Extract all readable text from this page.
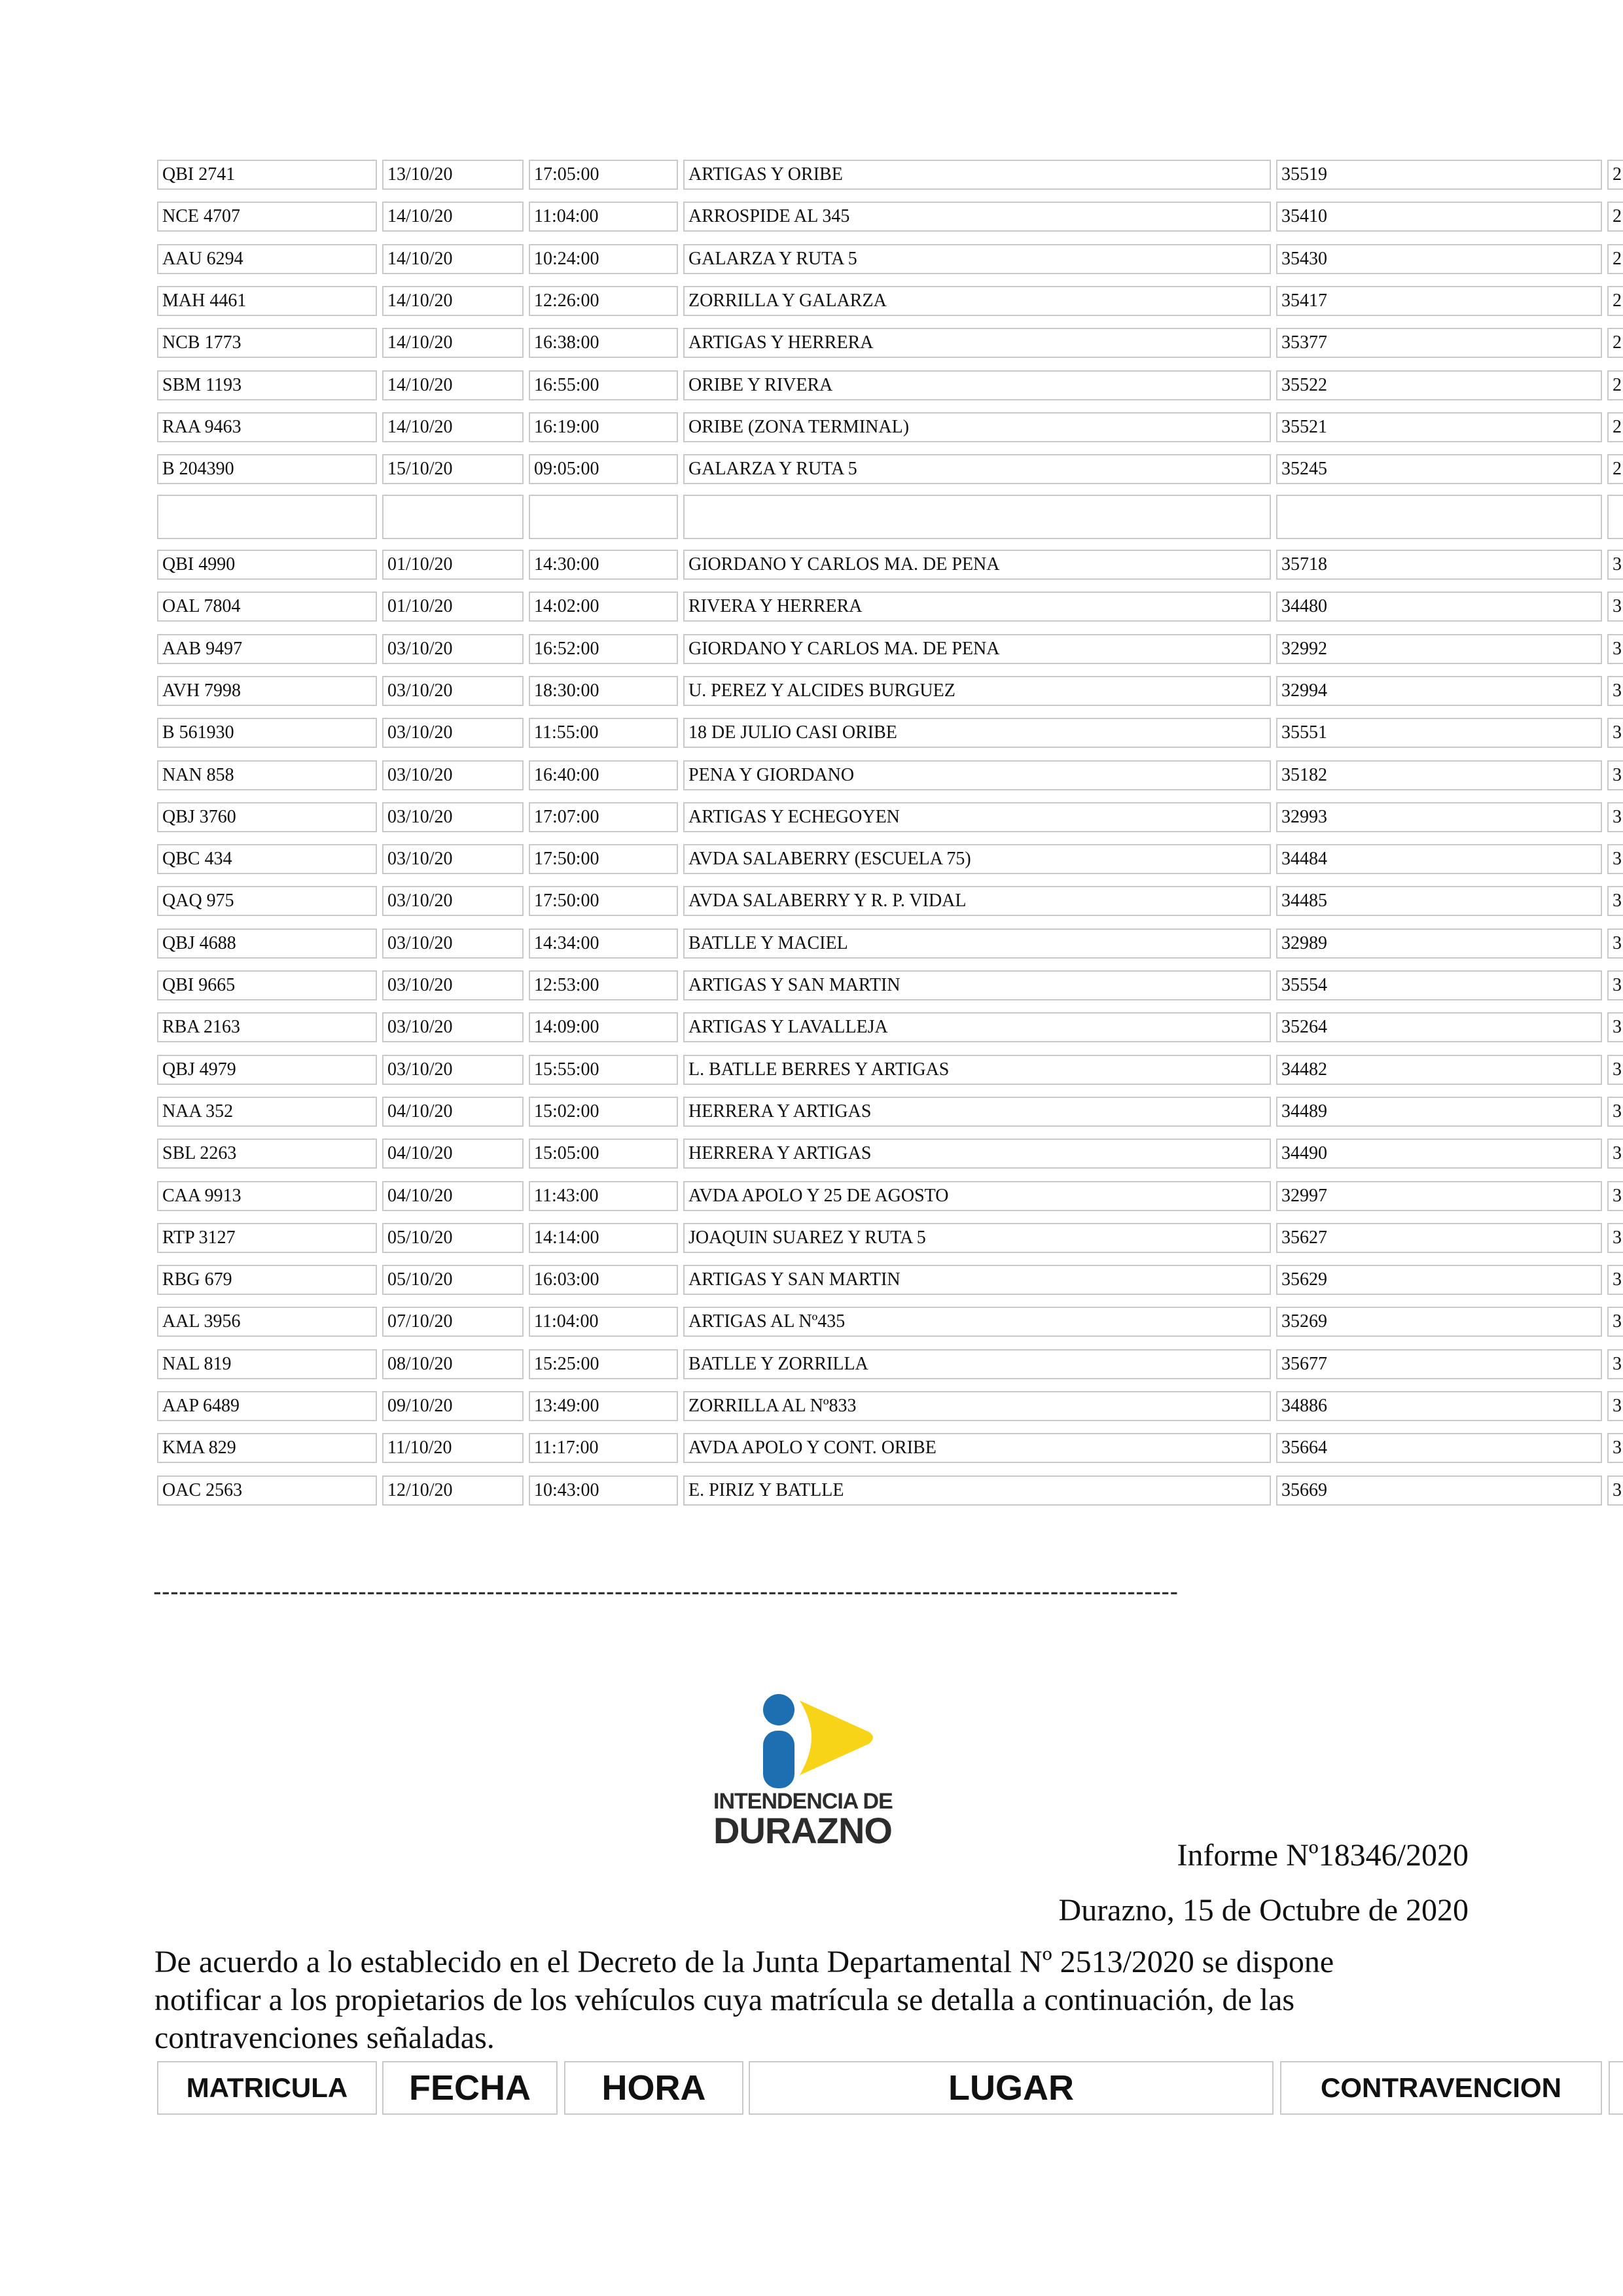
QBI 2741	13/10/20	17:05:00	ARTIGAS Y ORIBE	35519	2
NCE 4707	14/10/20	11:04:00	ARROSPIDE AL 345	35410	2
AAU 6294	14/10/20	10:24:00	GALARZA Y RUTA 5	35430	2
MAH 4461	14/10/20	12:26:00	ZORRILLA Y GALARZA	35417	2
NCB 1773	14/10/20	16:38:00	ARTIGAS Y HERRERA	35377	2
SBM 1193	14/10/20	16:55:00	ORIBE Y RIVERA	35522	2
RAA 9463	14/10/20	16:19:00	ORIBE (ZONA TERMINAL)	35521	2
B 204390	15/10/20	09:05:00	GALARZA Y RUTA 5	35245	2
QBI 4990	01/10/20	14:30:00	GIORDANO Y CARLOS MA. DE PENA	35718	3
OAL 7804	01/10/20	14:02:00	RIVERA Y HERRERA	34480	3
AAB 9497	03/10/20	16:52:00	GIORDANO Y CARLOS MA. DE PENA	32992	3
AVH 7998	03/10/20	18:30:00	U. PEREZ Y ALCIDES BURGUEZ	32994	3
B 561930	03/10/20	11:55:00	18 DE JULIO CASI ORIBE	35551	3
NAN 858	03/10/20	16:40:00	PENA Y GIORDANO	35182	3
QBJ 3760	03/10/20	17:07:00	ARTIGAS Y ECHEGOYEN	32993	3
QBC 434	03/10/20	17:50:00	AVDA SALABERRY (ESCUELA 75)	34484	3
QAQ 975	03/10/20	17:50:00	AVDA SALABERRY Y R. P. VIDAL	34485	3
QBJ 4688	03/10/20	14:34:00	BATLLE Y MACIEL	32989	3
QBI 9665	03/10/20	12:53:00	ARTIGAS Y SAN MARTIN	35554	3
RBA 2163	03/10/20	14:09:00	ARTIGAS Y LAVALLEJA	35264	3
QBJ 4979	03/10/20	15:55:00	L. BATLLE BERRES Y ARTIGAS	34482	3
NAA 352	04/10/20	15:02:00	HERRERA Y ARTIGAS	34489	3
SBL 2263	04/10/20	15:05:00	HERRERA Y ARTIGAS	34490	3
CAA 9913	04/10/20	11:43:00	AVDA APOLO Y 25 DE AGOSTO	32997	3
RTP 3127	05/10/20	14:14:00	JOAQUIN SUAREZ Y RUTA 5	35627	3
RBG 679	05/10/20	16:03:00	ARTIGAS Y SAN MARTIN	35629	3
AAL 3956	07/10/20	11:04:00	ARTIGAS AL Nº435	35269	3
NAL 819	08/10/20	15:25:00	BATLLE Y ZORRILLA	35677	3
AAP 6489	09/10/20	13:49:00	ZORRILLA AL Nº833	34886	3
KMA 829	11/10/20	11:17:00	AVDA APOLO Y CONT. ORIBE	35664	3
OAC 2563	12/10/20	10:43:00	E. PIRIZ Y BATLLE	35669	3
------------------------------------------------------------------------------------------------------------------------
INTENDENCIA DE
DURAZNO
Informe Nº18346/2020
Durazno, 15 de Octubre de 2020
De acuerdo a lo establecido en el Decreto de la Junta Departamental Nº 2513/2020 se dispone notificar a los propietarios de los vehículos cuya matrícula se detalla a continuación, de las contravenciones señaladas.
MATRICULA	FECHA	HORA	LUGAR	CONTRAVENCION
